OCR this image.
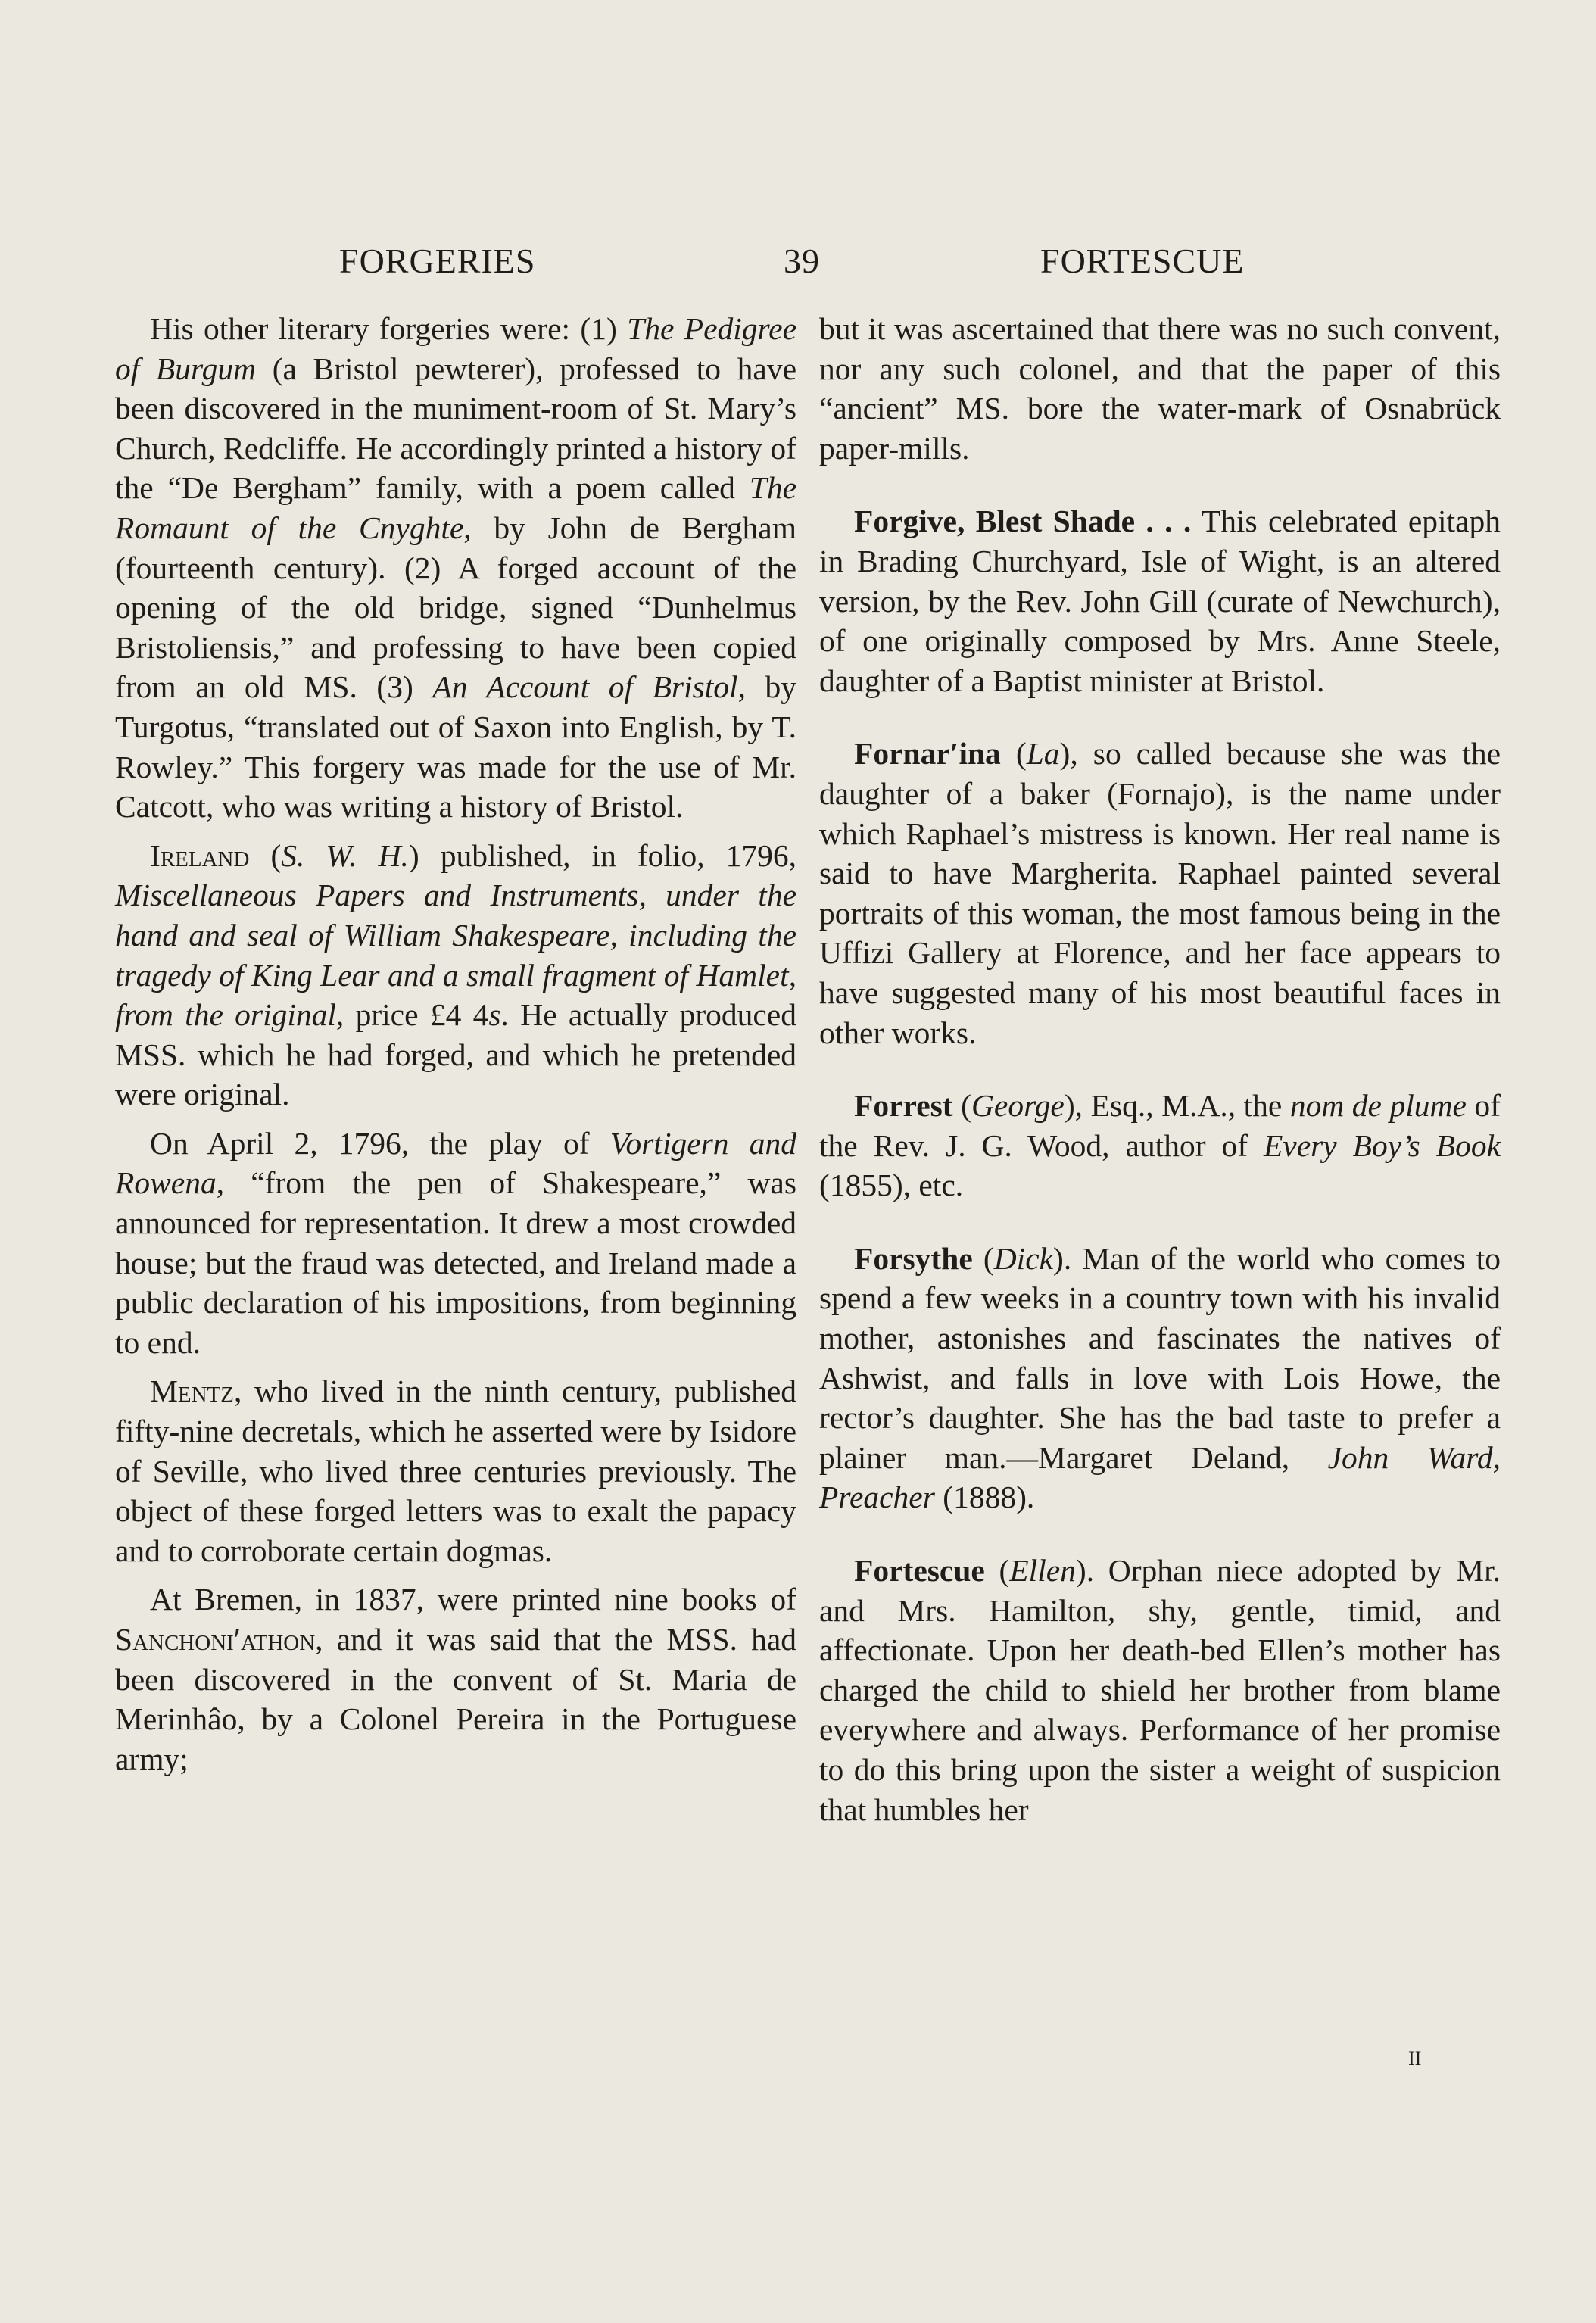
FORGERIES	39	FORTESCUE

His other literary forgeries were: (1) The Pedigree of Burgum (a Bristol pewterer), professed to have been discovered in the muniment-room of St. Mary’s Church, Redcliffe. He accordingly printed a history of the “De Bergham” family, with a poem called The Romaunt of the Cnyghte, by John de Bergham (fourteenth century). (2) A forged account of the opening of the old bridge, signed “Dunhelmus Bristoliensis,” and professing to have been copied from an old MS. (3) An Account of Bristol, by Turgotus, “translated out of Saxon into English, by T. Rowley.” This forgery was made for the use of Mr. Catcott, who was writing a history of Bristol.

Ireland (S. W. H.) published, in folio, 1796, Miscellaneous Papers and Instruments, under the hand and seal of William Shakespeare, including the tragedy of King Lear and a small fragment of Hamlet, from the original, price £4 4s. He actually produced MSS. which he had forged, and which he pretended were original.

On April 2, 1796, the play of Vortigern and Rowena, “from the pen of Shakespeare,” was announced for representation. It drew a most crowded house; but the fraud was detected, and Ireland made a public declaration of his impositions, from beginning to end.

Mentz, who lived in the ninth century, published fifty-nine decretals, which he asserted were by Isidore of Seville, who lived three centuries previously. The object of these forged letters was to exalt the papacy and to corroborate certain dogmas.

At Bremen, in 1837, were printed nine books of Sanchoni′athon, and it was said that the MSS. had been discovered in the convent of St. Maria de Merinhâo, by a Colonel Pereira in the Portuguese army;

but it was ascertained that there was no such convent, nor any such colonel, and that the paper of this “ancient” MS. bore the water-mark of Osnabrück paper-mills.

Forgive, Blest Shade . . . This celebrated epitaph in Brading Churchyard, Isle of Wight, is an altered version, by the Rev. John Gill (curate of Newchurch), of one originally composed by Mrs. Anne Steele, daughter of a Baptist minister at Bristol.

Fornar′ina (La), so called because she was the daughter of a baker (Fornajo), is the name under which Raphael’s mistress is known. Her real name is said to have Margherita. Raphael painted several portraits of this woman, the most famous being in the Uffizi Gallery at Florence, and her face appears to have suggested many of his most beautiful faces in other works.

Forrest (George), Esq., M.A., the nom de plume of the Rev. J. G. Wood, author of Every Boy’s Book (1855), etc.

Forsythe (Dick). Man of the world who comes to spend a few weeks in a country town with his invalid mother, astonishes and fascinates the natives of Ashwist, and falls in love with Lois Howe, the rector’s daughter. She has the bad taste to prefer a plainer man.—Margaret Deland, John Ward, Preacher (1888).

Fortescue (Ellen). Orphan niece adopted by Mr. and Mrs. Hamilton, shy, gentle, timid, and affectionate. Upon her death-bed Ellen’s mother has charged the child to shield her brother from blame everywhere and always. Performance of her promise to do this bring upon the sister a weight of suspicion that humbles her

II
